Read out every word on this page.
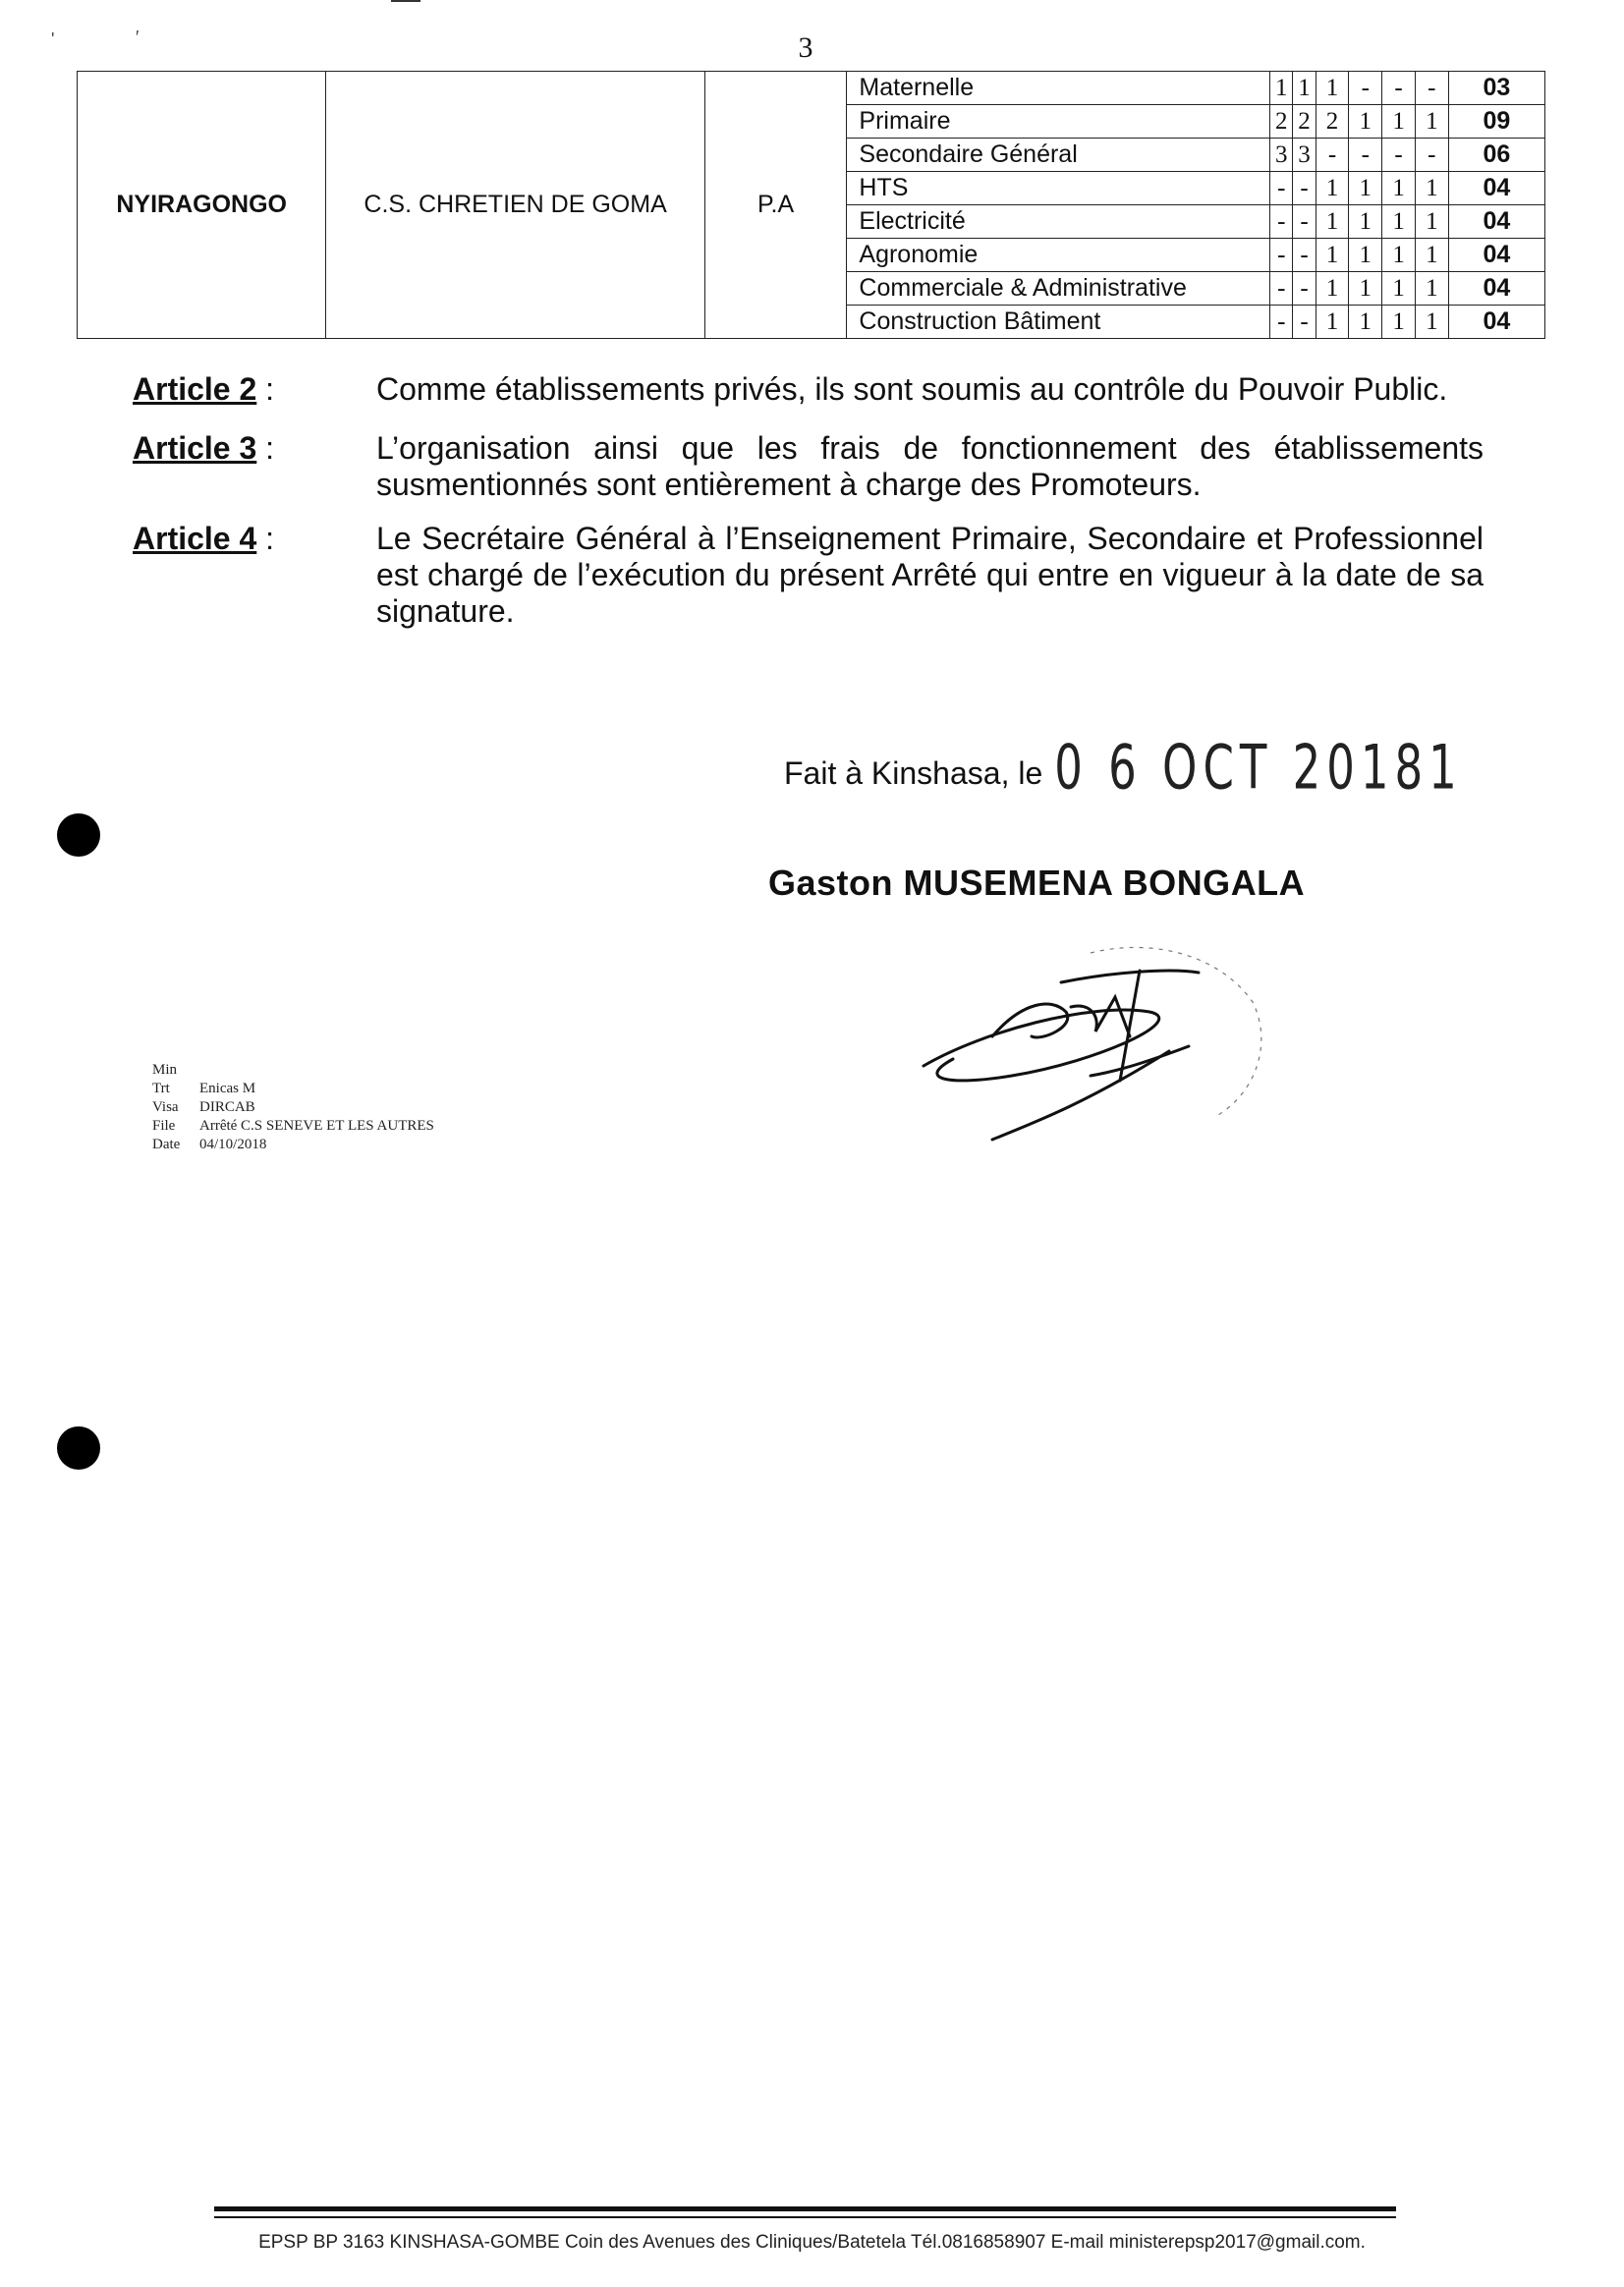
'	′	3
NYIRAGONGO	C.S. CHRETIEN DE GOMA	P.A	Maternelle	1	1	1	-	-	-	03
			Primaire	2	2	2	1	1	1	09
			Secondaire Général	3	3	-	-	-	-	06
			HTS	-	-	1	1	1	1	04
			Electricité	-	-	1	1	1	1	04
			Agronomie	-	-	1	1	1	1	04
			Commerciale & Administrative	-	-	1	1	1	1	04
			Construction Bâtiment	-	-	1	1	1	1	04
Article 2 :	Comme établissements privés, ils sont soumis au contrôle du Pouvoir Public.
Article 3 :	L’organisation ainsi que les frais de fonctionnement des établissements susmentionnés sont entièrement à charge des Promoteurs.
Article 4 :	Le Secrétaire Général à l’Enseignement Primaire, Secondaire et Professionnel est chargé de l’exécution du présent Arrêté qui entre en vigueur à la date de sa signature.
Fait à Kinshasa, le 0 6 OCT 20181
Gaston MUSEMENA BONGALA
Min
Trt Enicas M
Visa DIRCAB
File Arrêté C.S SENEVE ET LES AUTRES
Date 04/10/2018
EPSP BP 3163 KINSHASA-GOMBE Coin des Avenues des Cliniques/Batetela Tél.0816858907 E-mail ministerepsp2017@gmail.com.
